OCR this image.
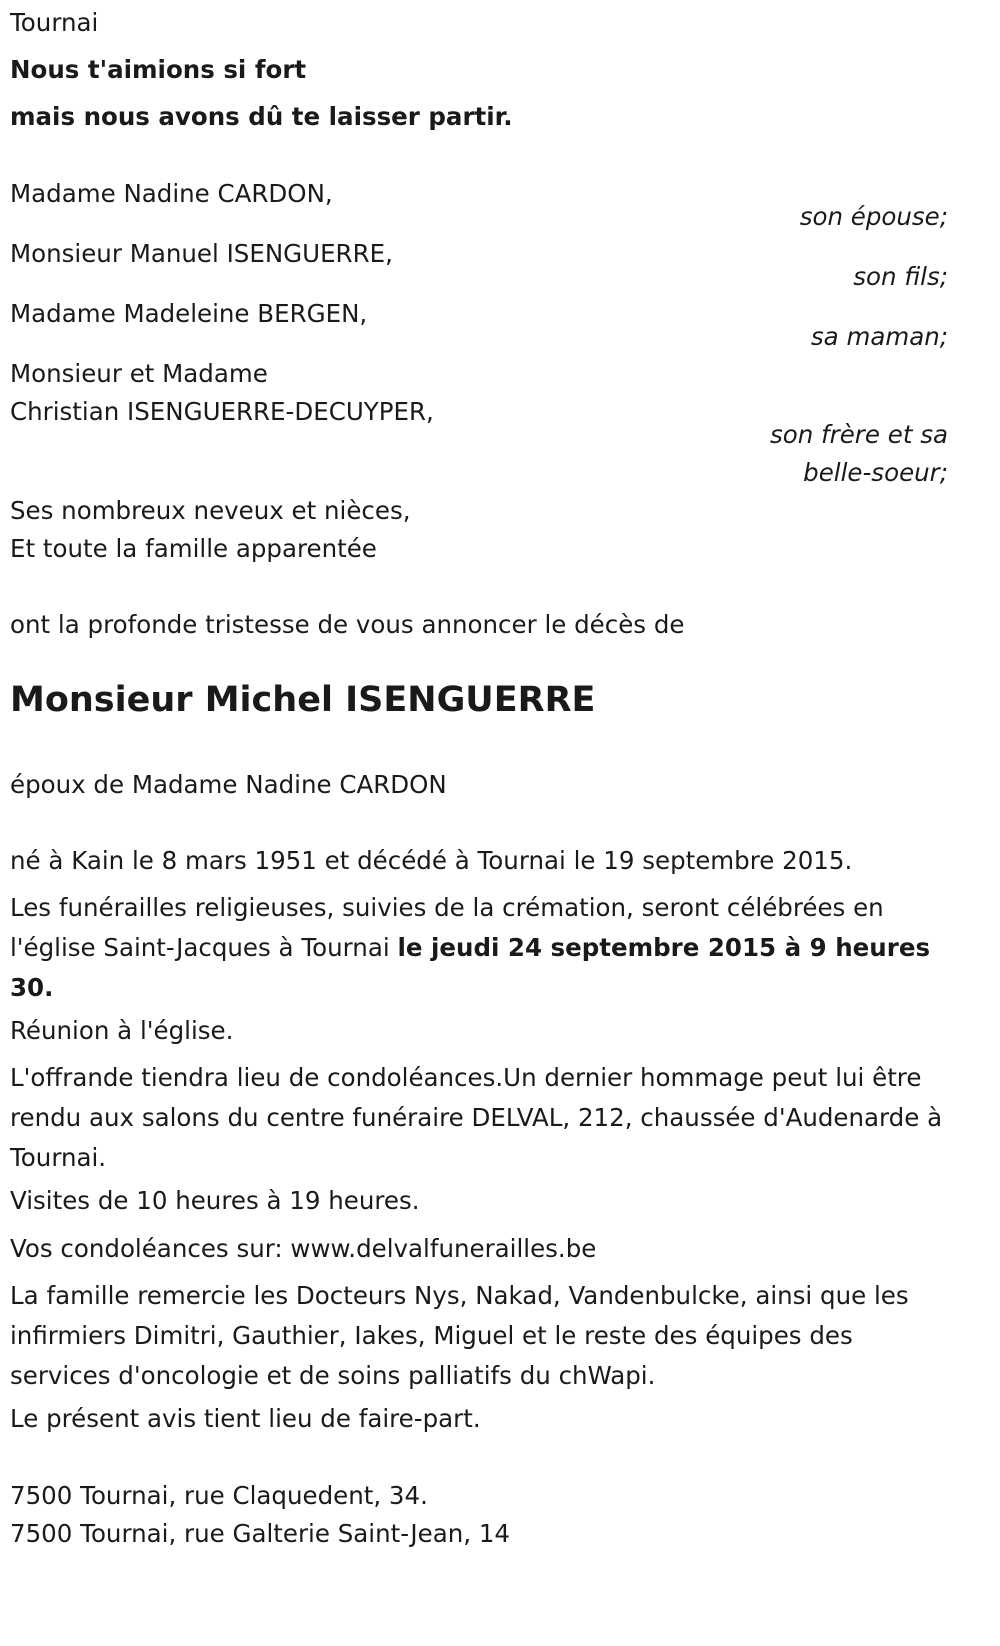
Tournai
Nous t'aimions si fort
mais nous avons dû te laisser partir.
Madame Nadine CARDON,
son épouse;
Monsieur Manuel ISENGUERRE,
son fils;
Madame Madeleine BERGEN,
sa maman;
Monsieur et Madame
Christian ISENGUERRE-DECUYPER,
son frère et sa
belle-soeur;
Ses nombreux neveux et nièces,
Et toute la famille apparentée
ont la profonde tristesse de vous annoncer le décès de
Monsieur Michel ISENGUERRE
époux de Madame Nadine CARDON
né à Kain le 8 mars 1951 et décédé à Tournai le 19 septembre 2015.
Les funérailles religieuses, suivies de la crémation, seront célébrées en l'église Saint-Jacques à Tournai le jeudi 24 septembre 2015 à 9 heures 30.
Réunion à l'église.
L'offrande tiendra lieu de condoléances.Un dernier hommage peut lui être rendu aux salons du centre funéraire DELVAL, 212, chaussée d'Audenarde à Tournai.
Visites de 10 heures à 19 heures.
Vos condoléances sur: www.delvalfunerailles.be
La famille remercie les Docteurs Nys, Nakad, Vandenbulcke, ainsi que les infirmiers Dimitri, Gauthier, Iakes, Miguel et le reste des équipes des services d'oncologie et de soins palliatifs du chWapi.
Le présent avis tient lieu de faire-part.
7500 Tournai, rue Claquedent, 34.
7500 Tournai, rue Galterie Saint-Jean, 14
